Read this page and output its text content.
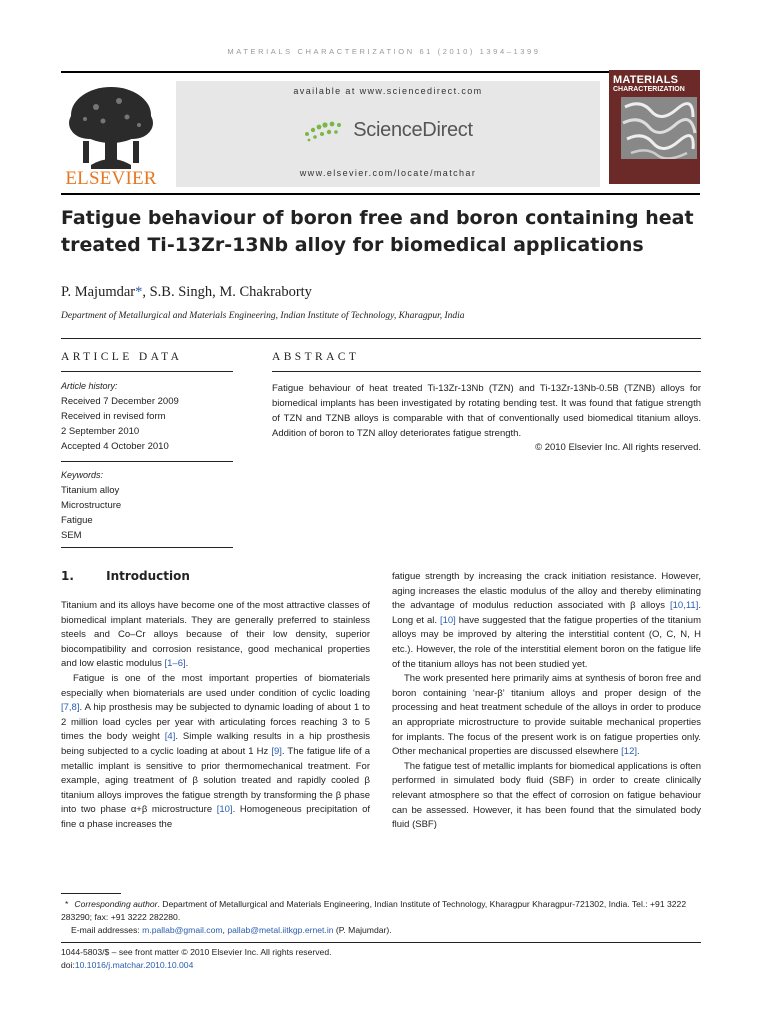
MATERIALS CHARACTERIZATION 61 (2010) 1394–1399
ELSEVIER
available at www.sciencedirect.com
ScienceDirect
www.elsevier.com/locate/matchar
MATERIALS
CHARACTERIZATION
Fatigue behaviour of boron free and boron containing heat treated Ti-13Zr-13Nb alloy for biomedical applications
P. Majumdar*, S.B. Singh, M. Chakraborty
Department of Metallurgical and Materials Engineering, Indian Institute of Technology, Kharagpur, India
ARTICLE DATA	ABSTRACT
Article history:
Received 7 December 2009
Received in revised form
2 September 2010
Accepted 4 October 2010
Keywords:
Titanium alloy
Microstructure
Fatigue
SEM
Fatigue behaviour of heat treated Ti-13Zr-13Nb (TZN) and Ti-13Zr-13Nb-0.5B (TZNB) alloys for biomedical implants has been investigated by rotating bending test. It was found that fatigue strength of TZN and TZNB alloys is comparable with that of conventionally used biomedical titanium alloys. Addition of boron to TZN alloy deteriorates fatigue strength.
© 2010 Elsevier Inc. All rights reserved.
1.	Introduction

Titanium and its alloys have become one of the most attractive classes of biomedical implant materials. They are generally preferred to stainless steels and Co–Cr alloys because of their low density, superior biocompatibility and corrosion resistance, good mechanical properties and low elastic modulus [1–6].

Fatigue is one of the most important properties of biomaterials especially when biomaterials are used under condition of cyclic loading [7,8]. A hip prosthesis may be subjected to dynamic loading of about 1 to 2 million load cycles per year with articulating forces reaching 3 to 5 times the body weight [4]. Simple walking results in a hip prosthesis being subjected to a cyclic loading at about 1 Hz [9]. The fatigue life of a metallic implant is sensitive to prior thermomechanical treatment. For example, aging treatment of β solution treated and rapidly cooled β titanium alloys improves the fatigue strength by transforming the β phase into two phase α+β microstructure [10]. Homogeneous precipitation of fine α phase increases the

fatigue strength by increasing the crack initiation resistance. However, aging increases the elastic modulus of the alloy and thereby eliminating the advantage of modulus reduction associated with β alloys [10,11]. Long et al. [10] have suggested that the fatigue properties of the titanium alloys may be improved by altering the interstitial content (O, C, N, H etc.). However, the role of the interstitial element boron on the fatigue life of the titanium alloys has not been studied yet.

The work presented here primarily aims at synthesis of boron free and boron containing ‘near-β’ titanium alloys and proper design of the processing and heat treatment schedule of the alloys in order to produce an appropriate microstructure to provide suitable mechanical properties for implants. The focus of the present work is on fatigue properties only. Other mechanical properties are discussed elsewhere [12].

The fatigue test of metallic implants for biomedical applications is often performed in simulated body fluid (SBF) in order to create clinically relevant atmosphere so that the effect of corrosion on fatigue behaviour can be assessed. However, it has been found that the simulated body fluid (SBF)

* Corresponding author. Department of Metallurgical and Materials Engineering, Indian Institute of Technology, Kharagpur Kharagpur-721302, India. Tel.: +91 3222 283290; fax: +91 3222 282280.
E-mail addresses: m.pallab@gmail.com, pallab@metal.iitkgp.ernet.in (P. Majumdar).
1044-5803/$ – see front matter © 2010 Elsevier Inc. All rights reserved.
doi:10.1016/j.matchar.2010.10.004
